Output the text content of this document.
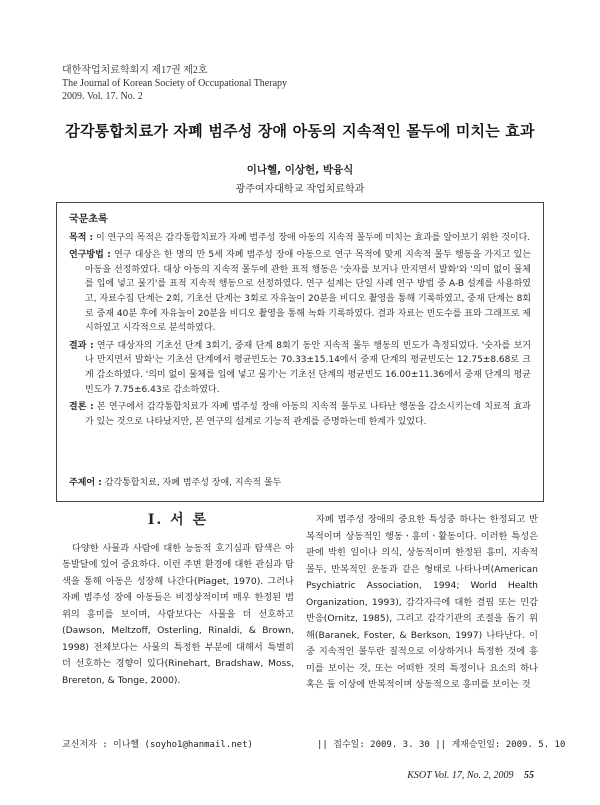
대한작업치료학회지 제17권 제2호
The Journal of Korean Society of Occupational Therapy
2009. Vol. 17. No. 2
감각통합치료가 자폐 범주성 장애 아동의 지속적인 몰두에 미치는 효과
이나혤, 이상헌, 박융식
광주여자대학교 작업치료학과
국문초록

목적 : 이 연구의 목적은 감각통합치료가 자폐 범주성 장애 아동의 지속적 몰두에 미치는 효과를 알아보기 위한 것이다.

연구방법 : 연구 대상은 한 명의 만 5세 자폐 범주성 장애 아동으로 연구 목적에 맞게 지속적 몰두 행동을 가지고 있는 아동을 선정하였다. 대상 아동의 지속적 몰두에 관한 표적 행동은 '숫자를 보거나 만지면서 발화'와 '의미 없이 물체를 입에 넣고 물기'를 표적 지속적 행동으로 선정하였다. 연구 설계는 단일 사례 연구 방법 중 A-B 설계를 사용하였고, 자료수집 단계는 2회, 기초선 단계는 3회로 자유놀이 20분을 비디오 촬영을 통해 기록하였고, 중재 단계는 8회로 중재 40분 후에 자유놀이 20분을 비디오 촬영을 통해 녹화 기록하였다. 결과 자료는 빈도수를 표와 그래프로 제시하였고 시각적으로 분석하였다.

결과 : 연구 대상자의 기초선 단계 3회기, 중재 단계 8회기 동안 지속적 몰두 행동의 빈도가 측정되었다. '숫자를 보거나 만지면서 발화'는 기초선 단계에서 평균빈도는 70.33±15.14에서 중재 단계의 평균빈도는 12.75±8.68로 크게 감소하였다. '의미 없이 물체를 입에 넣고 물기'는 기초선 단계의 평균빈도 16.00±11.36에서 중재 단계의 평균빈도가 7.75±6.43로 감소하였다.

결론 : 본 연구에서 감각통합치료가 자폐 범주성 장애 아동의 지속적 몰두로 나타난 행동을 감소시키는데 치료적 효과가 있는 것으로 나타났지만, 본 연구의 설계로 기능적 관계를 증명하는데 한계가 있었다.

주제어 : 감각통합치료, 자폐 범주성 장애, 지속적 몰두
Ⅰ. 서 론

다양한 사물과 사람에 대한 능동적 호기심과 탐색은 아동발달에 있어 중요하다. 이런 주변 환경에 대한 관심과 탐색을 통해 아동은 성장해 나간다(Piaget, 1970). 그러나 자폐 범주성 장애 아동들은 비정상적이며 매우 한정된 범위의 흥미를 보이며, 사람보다는 사물을 더 선호하고(Dawson, Meltzoff, Osterling, Rinaldi, & Brown, 1998) 전체보다는 사물의 특정한 부분에 대해서 특별히 더 선호하는 경향이 있다(Rinehart, Bradshaw, Moss, Brereton, & Tonge, 2000).

자폐 범주성 장애의 중요한 특성중 하나는 한정되고 반복적이며 상동적인 행동ㆍ흥미ㆍ활동이다. 이러한 특성은 판에 박힌 일이나 의식, 상동적이며 한정된 흥미, 지속적 몰두, 반복적인 운동과 같은 형태로 나타나며(American Psychiatric Association, 1994; World Health Organization, 1993), 감각자극에 대한 결핍 또는 민감 반응(Ornitz, 1985), 그리고 감각기관의 조절을 돕기 위해(Baranek, Foster, & Berkson, 1997) 나타난다. 이 중 지속적인 몰두란 질적으로 이상하거나 특정한 것에 흥미를 보이는 것, 또는 어떠한 것의 특정이나 요소의 하나 혹은 둘 이상에 반복적이며 상동적으로 흥미를 보이는 것
교신저자 : 이나헬 (soyho1@hanmail.net)	|| 접수일: 2009. 3. 30 || 게재승인일: 2009. 5. 10
KSOT Vol. 17, No. 2, 2009 55
